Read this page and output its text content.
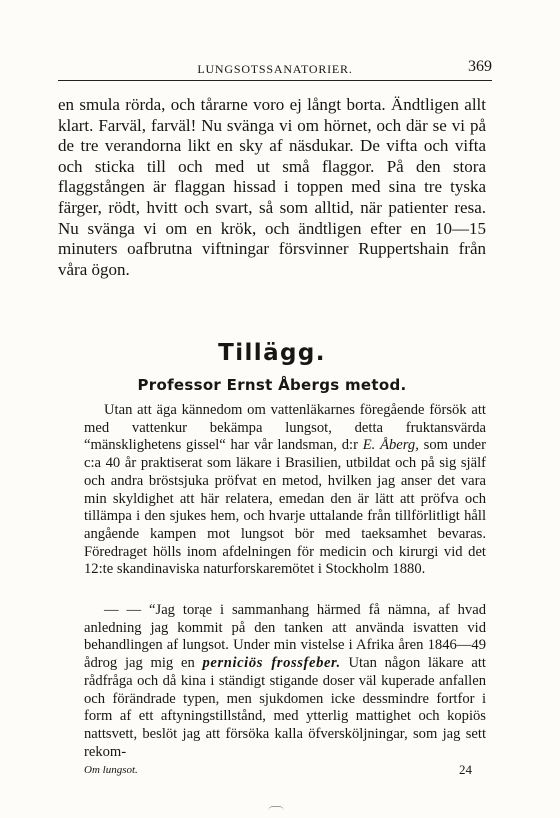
LUNGSOTSSANATORIER.	369

en smula rörda, och tårarne voro ej långt borta. Ändtligen allt klart. Farväl, farväl! Nu svänga vi om hörnet, och där se vi på de tre verandorna likt en sky af näsdukar. De vifta och vifta och sticka till och med ut små flaggor. På den stora flaggstången är flaggan hissad i toppen med sina tre tyska färger, rödt, hvitt och svart, så som alltid, när patienter resa. Nu svänga vi om en krök, och ändtligen efter en 10—15 minuters oafbrutna viftningar försvinner Ruppertshain från våra ögon.

Tillägg.
Professor Ernst Åbergs metod.

Utan att äga kännedom om vattenläkarnes föregående försök att med vattenkur bekämpa lungsot, detta fruktansvärda “mänsklighetens gissel“ har vår landsman, d:r E. Åberg, som under c:a 40 år praktiserat som läkare i Brasilien, utbildat och på sig själf och andra bröstsjuka pröfvat en metod, hvilken jag anser det vara min skyldighet att här relatera, emedan den är lätt att pröfva och tillämpa i den sjukes hem, och hvarje uttalande från tillförlitligt håll angående kampen mot lungsot bör med taeksamhet bevaras. Föredraget hölls inom afdelningen för medicin och kirurgi vid det 12:te skandinaviska naturforskaremötet i Stockholm 1880.

— — “Jag torąe i sammanhang härmed få nämna, af hvad anledning jag kommit på den tanken att använda isvatten vid behandlingen af lungsot. Under min vistelse i Afrika åren 1846—49 ådrog jag mig en perniciös frossfeber. Utan någon läkare att rådfråga och då kina i ständigt stigande doser väl kuperade anfallen och förändrade typen, men sjukdomen icke dessmindre fortfor i form af ett aftyningstillstånd, med ytterlig mattighet och kopiös nattsvett, beslöt jag att försöka kalla öfversköljningar, som jag sett rekom-

Om lungsot.	24
